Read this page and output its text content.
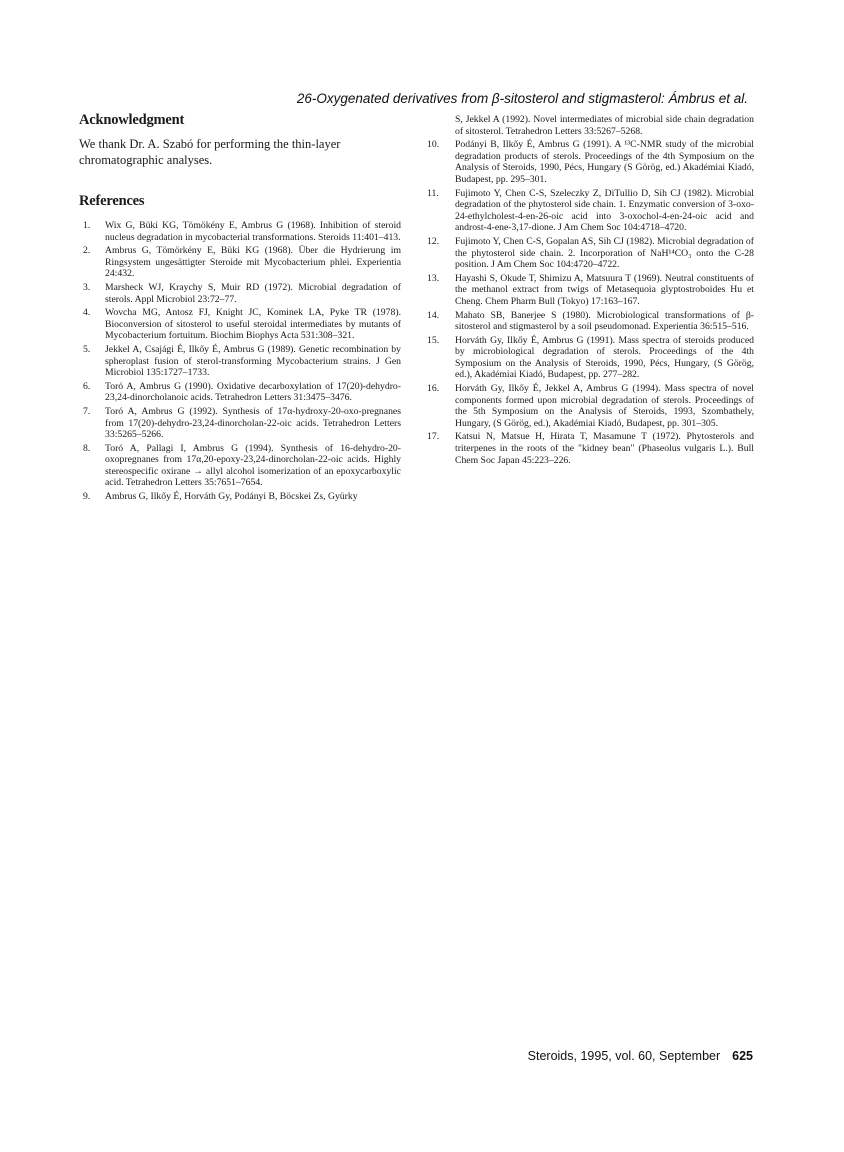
26-Oxygenated derivatives from β-sitosterol and stigmasterol: Ámbrus et al.
Acknowledgment

We thank Dr. A. Szabó for performing the thin-layer chromatographic analyses.

References
1.	Wix G, Büki KG, Tömökény E, Ambrus G (1968). Inhibition of steroid nucleus degradation in mycobacterial transformations. Steroids 11:401–413.
2.	Ambrus G, Tömörkény E, Büki KG (1968). Über die Hydrierung im Ringsystem ungesättigter Steroide mit Mycobacterium phlei. Experientia 24:432.
3.	Marsheck WJ, Kraychy S, Muir RD (1972). Microbial degradation of sterols. Appl Microbiol 23:72–77.
4.	Wovcha MG, Antosz FJ, Knight JC, Kominek LA, Pyke TR (1978). Bioconversion of sitosterol to useful steroidal intermediates by mutants of Mycobacterium fortuitum. Biochim Biophys Acta 531:308–321.
5.	Jekkel A, Csajági É, Ilkőy É, Ambrus G (1989). Genetic recombination by spheroplast fusion of sterol-transforming Mycobacterium strains. J Gen Microbiol 135:1727–1733.
6.	Toró A, Ambrus G (1990). Oxidative decarboxylation of 17(20)-dehydro-23,24-dinorcholanoic acids. Tetrahedron Letters 31:3475–3476.
7.	Toró A, Ambrus G (1992). Synthesis of 17α-hydroxy-20-oxo-pregnanes from 17(20)-dehydro-23,24-dinorcholan-22-oic acids. Tetrahedron Letters 33:5265–5266.
8.	Toró A, Pallagi I, Ambrus G (1994). Synthesis of 16-dehydro-20-oxopregnanes from 17α,20-epoxy-23,24-dinorcholan-22-oic acids. Highly stereospecific oxirane → allyl alcohol isomerization of an epoxycarboxylic acid. Tetrahedron Letters 35:7651–7654.
9.	Ambrus G, Ilkőy É, Horváth Gy, Podányi B, Böcskei Zs, Gyürky
S, Jekkel A (1992). Novel intermediates of microbial side chain degradation of sitosterol. Tetrahedron Letters 33:5267–5268.
10.	Podányi B, Ilkőy É, Ambrus G (1991). A ¹³C-NMR study of the microbial degradation products of sterols. Proceedings of the 4th Symposium on the Analysis of Steroids, 1990, Pécs, Hungary (S Görög, ed.) Akadémiai Kiadó, Budapest, pp. 295–301.
11.	Fujimoto Y, Chen C-S, Szeleczky Z, DiTullio D, Sih CJ (1982). Microbial degradation of the phytosterol side chain. 1. Enzymatic conversion of 3-oxo-24-ethylcholest-4-en-26-oic acid into 3-oxochol-4-en-24-oic acid and androst-4-ene-3,17-dione. J Am Chem Soc 104:4718–4720.
12.	Fujimoto Y, Chen C-S, Gopalan AS, Sih CJ (1982). Microbial degradation of the phytosterol side chain. 2. Incorporation of NaH¹⁴CO₃ onto the C-28 position. J Am Chem Soc 104:4720–4722.
13.	Hayashi S, Okude T, Shimizu A, Matsuura T (1969). Neutral constituents of the methanol extract from twigs of Metasequoia glyptostroboides Hu et Cheng. Chem Pharm Bull (Tokyo) 17:163–167.
14.	Mahato SB, Banerjee S (1980). Microbiological transformations of β-sitosterol and stigmasterol by a soil pseudomonad. Experientia 36:515–516.
15.	Horváth Gy, Ilkőy É, Ambrus G (1991). Mass spectra of steroids produced by microbiological degradation of sterols. Proceedings of the 4th Symposium on the Analysis of Steroids, 1990, Pécs, Hungary, (S Görög, ed.), Akadémiai Kiadó, Budapest, pp. 277–282.
16.	Horváth Gy, Ilkőy É, Jekkel A, Ambrus G (1994). Mass spectra of novel components formed upon microbial degradation of sterols. Proceedings of the 5th Symposium on the Analysis of Steroids, 1993, Szombathely, Hungary, (S Görög, ed.), Akadémiai Kiadó, Budapest, pp. 301–305.
17.	Katsui N, Matsue H, Hirata T, Masamune T (1972). Phytosterols and triterpenes in the roots of the "kidney bean" (Phaseolus vulgaris L.). Bull Chem Soc Japan 45:223–226.
Steroids, 1995, vol. 60, September 625
